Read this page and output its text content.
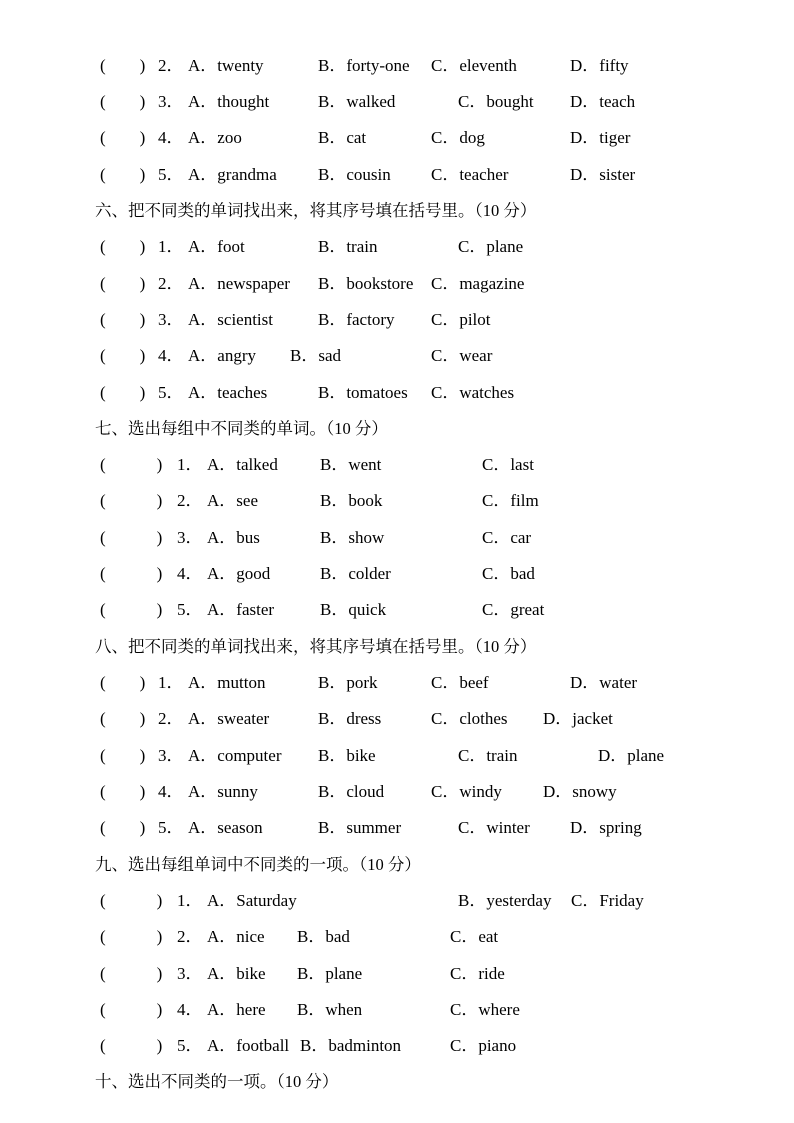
(　　) 2． A．twenty	B．forty-one C．eleventh	D．fifty
(　　) 3． A．thought	B．walked	C．bought D．teach
(　　) 4． A．zoo	B．cat	C．dog	D．tiger
(　　) 5． A．grandma B．cousin C．teacher	D．sister
六、把不同类的单词找出来，将其序号填在括号里。（10 分）
(　　) 1． A．foot	B．train	C．plane
(　　) 2． A．newspaper B．bookstore C．magazine
(　　) 3． A．scientist	B．factory C．pilot
(　　) 4． A．angry B．sad	C．wear
(　　) 5． A．teaches	B．tomatoes C．watches
七、选出每组中不同类的单词。（10 分）
(　　　) 1． A．talked B．went	C．last
(　　　) 2． A．see	B．book	C．film
(　　　) 3． A．bus	B．show	C．car
(　　　) 4． A．good	B．colder	C．bad
(　　　) 5． A．faster	B．quick	C．great
八、把不同类的单词找出来，将其序号填在括号里。（10 分）
(　　) 1． A．mutton	B．pork	C．beef	D．water
(　　) 2． A．sweater	B．dress	C．clothes D．jacket
(　　) 3． A．computer B．bike	C．train	D．plane
(　　) 4． A．sunny	B．cloud	C．windy D．snowy
(　　) 5． A．season	B．summer	C．winter D．spring
九、选出每组单词中不同类的一项。（10 分）
(　　　) 1． A．Saturday	B．yesterday C．Friday
(　　　) 2． A．nice B．bad	C．eat
(　　　) 3． A．bike B．plane	C．ride
(　　　) 4． A．here B．when	C．where
(　　　) 5． A．football B．badminton	C．piano
十、选出不同类的一项。（10 分）
